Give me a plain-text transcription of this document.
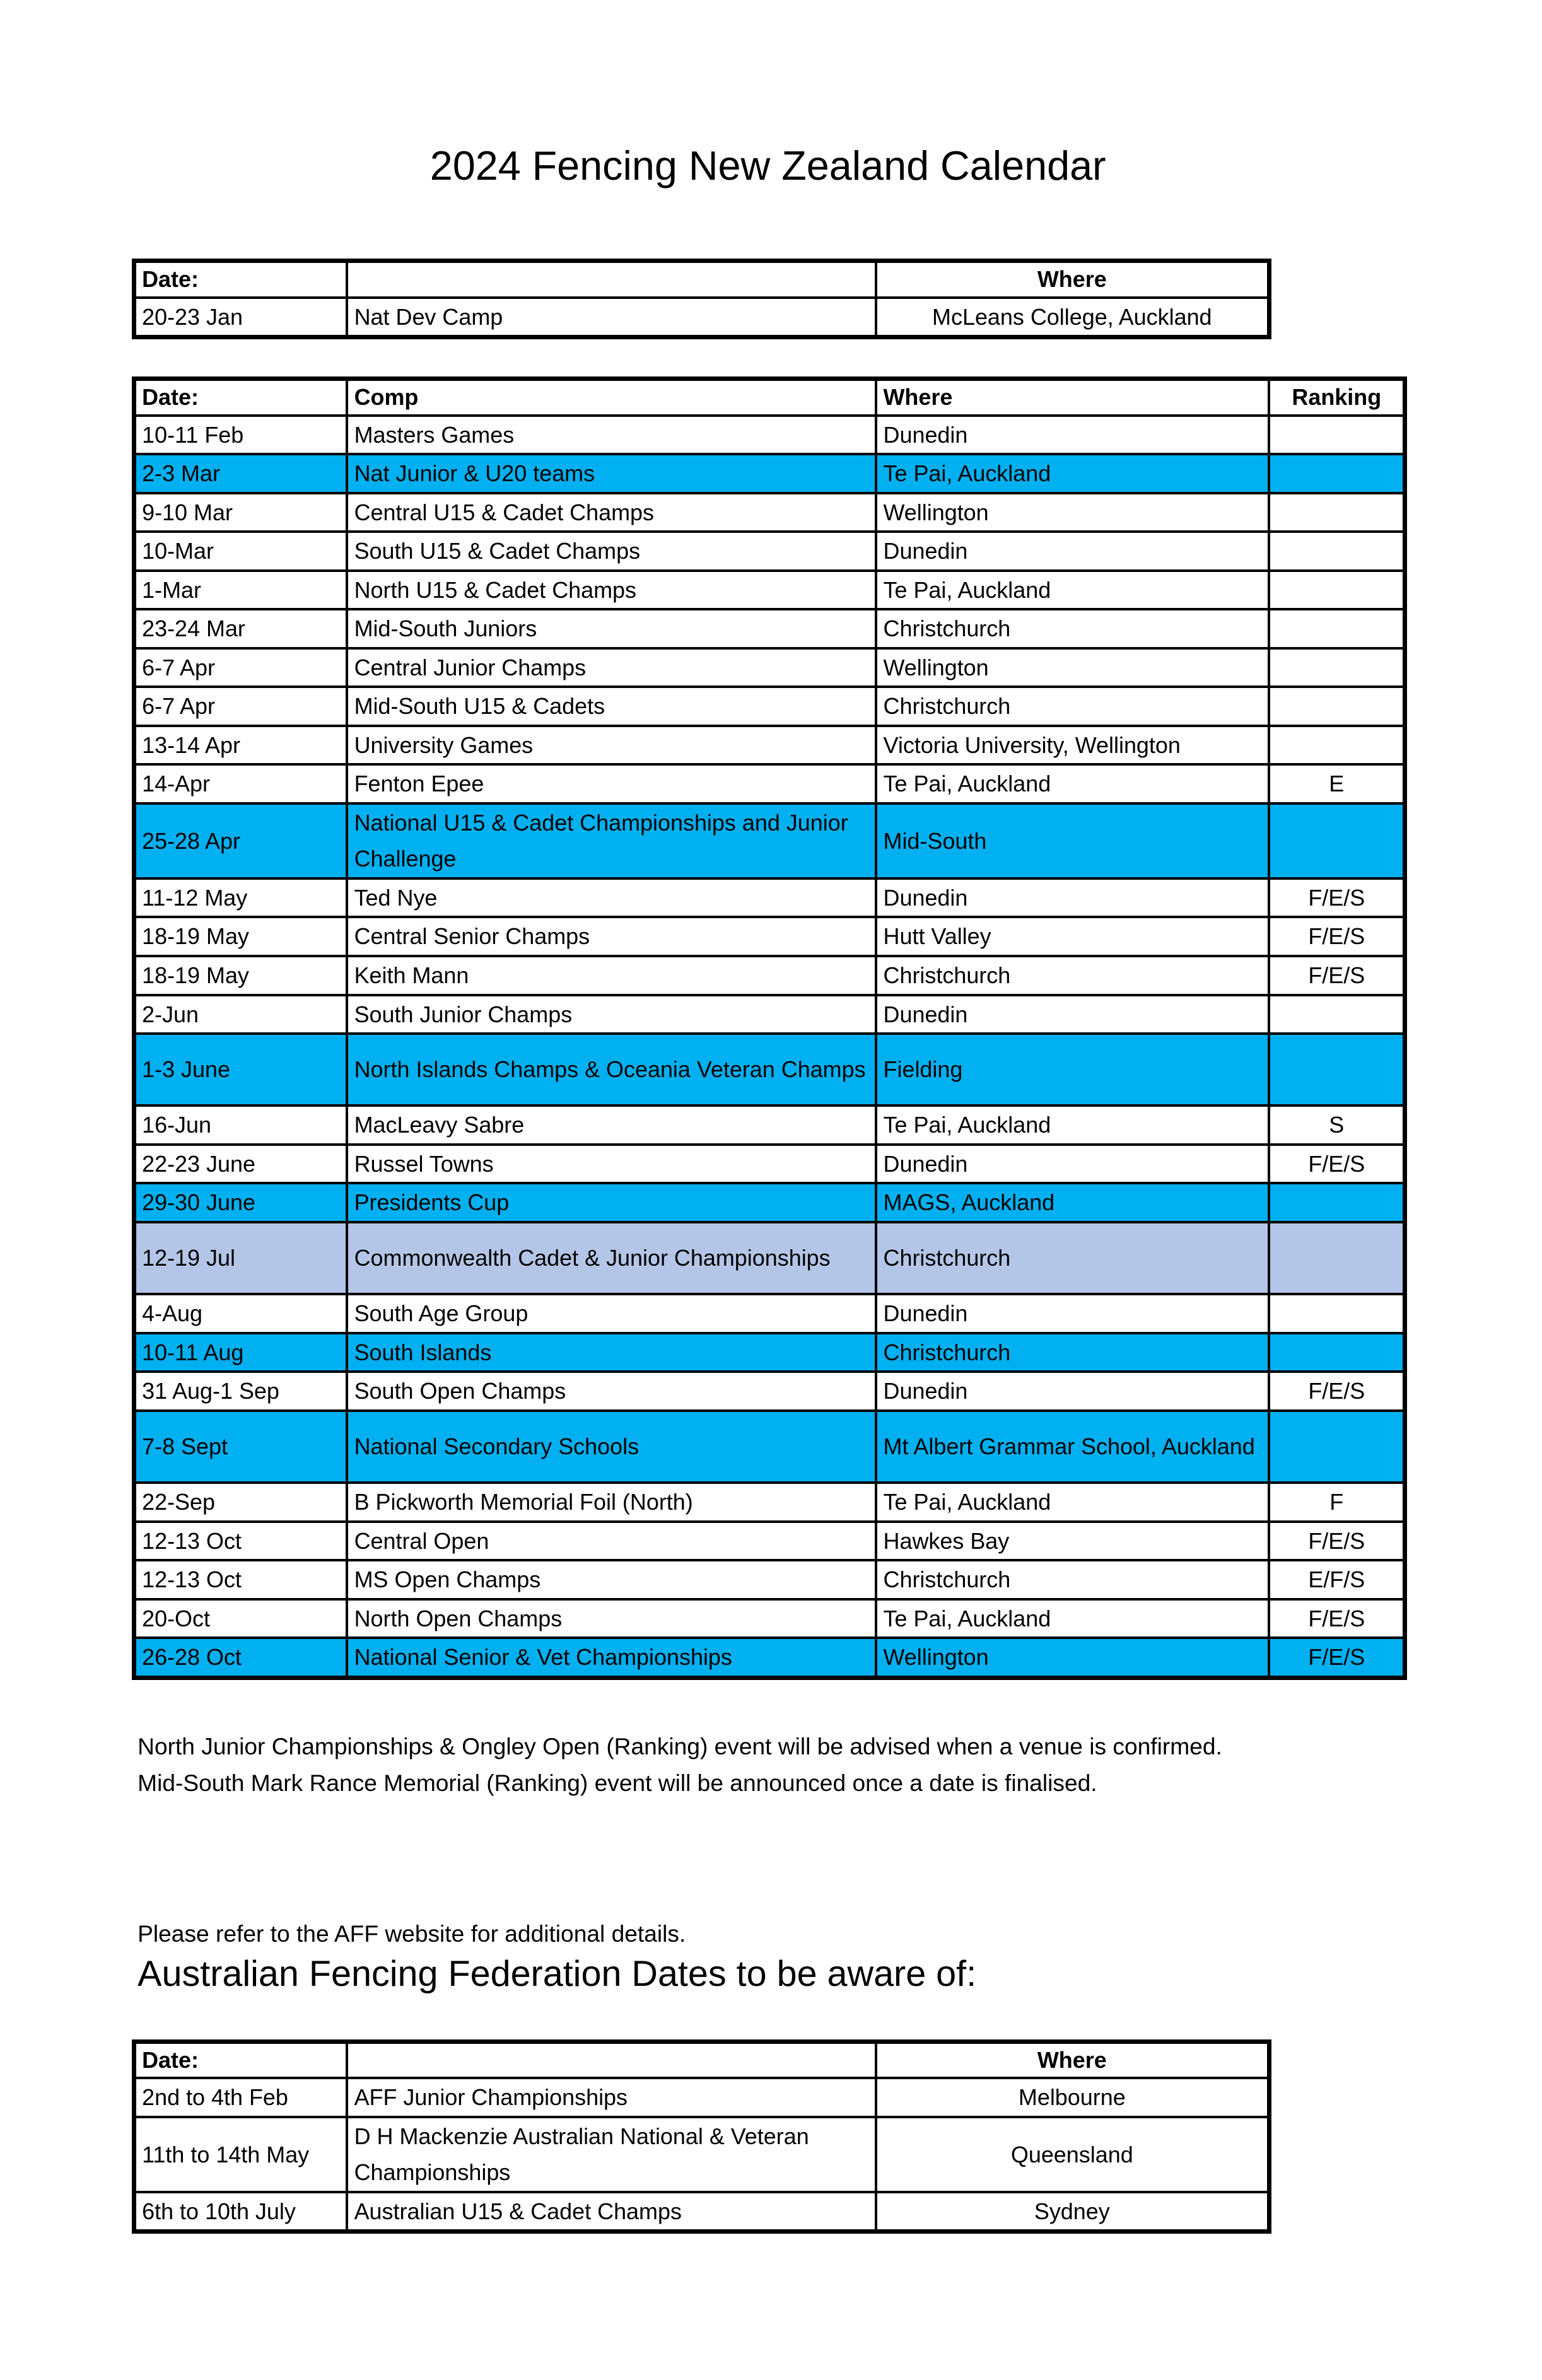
2024 Fencing New Zealand Calendar
Date:		Where
20-23 Jan	Nat Dev Camp	McLeans College, Auckland
Date:	Comp	Where	Ranking
10-11 Feb	Masters Games	Dunedin	
2-3 Mar	Nat Junior & U20 teams	Te Pai, Auckland	
9-10 Mar	Central U15 & Cadet Champs	Wellington	
10-Mar	South U15 & Cadet Champs	Dunedin	
1-Mar	North U15 & Cadet Champs	Te Pai, Auckland	
23-24 Mar	Mid-South Juniors	Christchurch	
6-7 Apr	Central Junior Champs	Wellington	
6-7 Apr	Mid-South U15 & Cadets	Christchurch	
13-14 Apr	University Games	Victoria University, Wellington	
14-Apr	Fenton Epee	Te Pai, Auckland	E
25-28 Apr	National U15 & Cadet Championships and Junior Challenge	Mid-South	
11-12 May	Ted Nye	Dunedin	F/E/S
18-19 May	Central Senior Champs	Hutt Valley	F/E/S
18-19 May	Keith Mann	Christchurch	F/E/S
2-Jun	South Junior Champs	Dunedin	
1-3 June	North Islands Champs & Oceania Veteran Champs	Fielding	
16-Jun	MacLeavy Sabre	Te Pai, Auckland	S
22-23 June	Russel Towns	Dunedin	F/E/S
29-30 June	Presidents Cup	MAGS, Auckland	
12-19 Jul	Commonwealth Cadet & Junior Championships	Christchurch	
4-Aug	South Age Group	Dunedin	
10-11 Aug	South Islands	Christchurch	
31 Aug-1 Sep	South Open Champs	Dunedin	F/E/S
7-8 Sept	National Secondary Schools	Mt Albert Grammar School, Auckland	
22-Sep	B Pickworth Memorial Foil (North)	Te Pai, Auckland	F
12-13 Oct	Central Open	Hawkes Bay	F/E/S
12-13 Oct	MS Open Champs	Christchurch	E/F/S
20-Oct	North Open Champs	Te Pai, Auckland	F/E/S
26-28 Oct	National Senior & Vet Championships	Wellington	F/E/S
North Junior Championships & Ongley Open (Ranking) event will be advised when a venue is confirmed.
Mid-South Mark Rance Memorial (Ranking) event will be announced once a date is finalised.
Please refer to the AFF website for additional details.
Australian Fencing Federation Dates to be aware of:
Date:		Where
2nd to 4th Feb	AFF Junior Championships	Melbourne
11th to 14th May	D H Mackenzie Australian National & Veteran Championships	Queensland
6th to 10th July	Australian U15 & Cadet Champs	Sydney
